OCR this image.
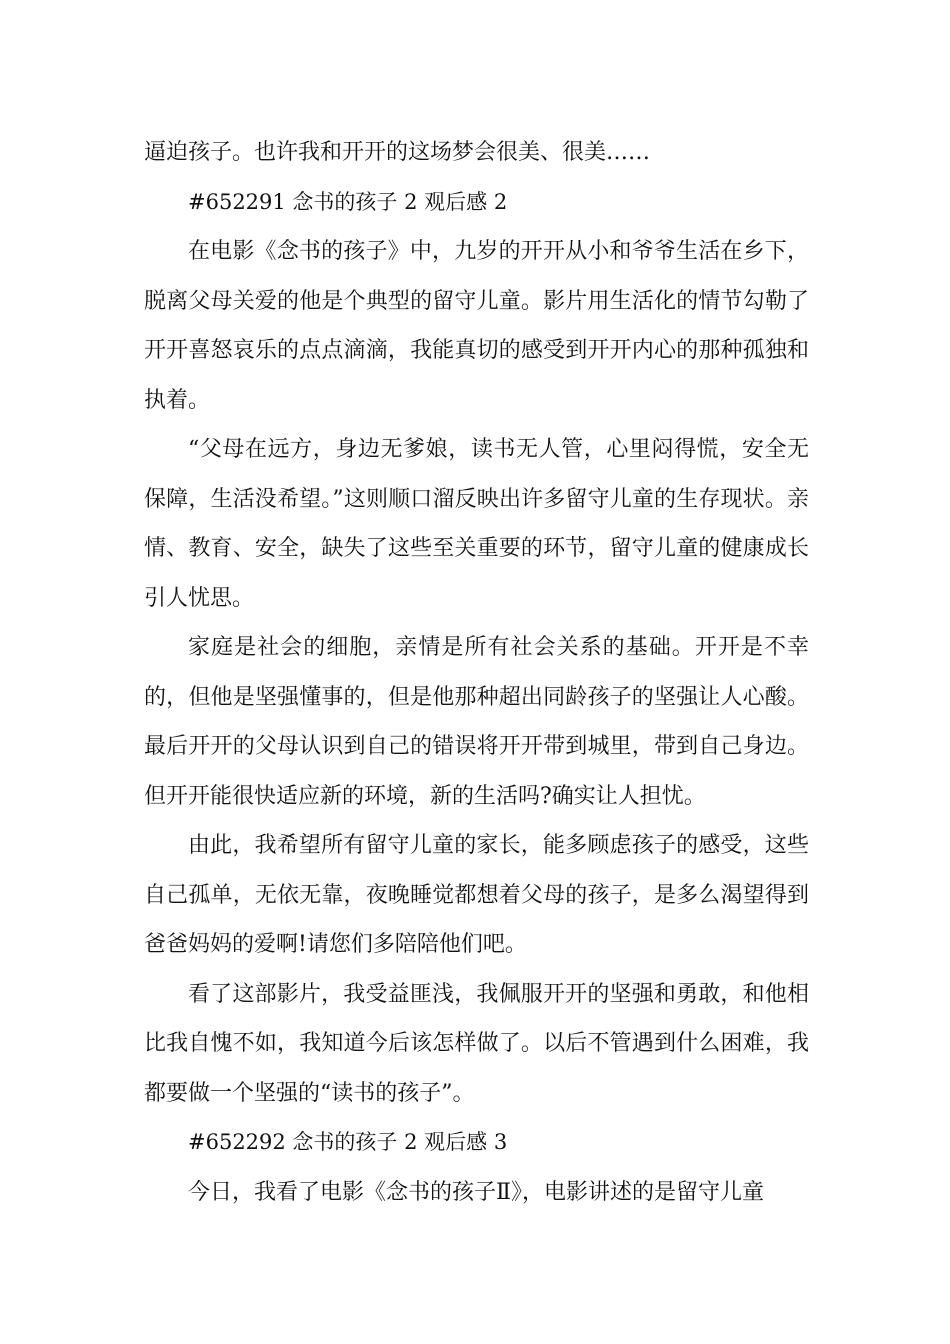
逼迫孩子。也许我和开开的这场梦会很美、很美……

#652291 念书的孩子 2 观后感 2

在电影《念书的孩子》中，九岁的开开从小和爷爷生活在乡下，脱离父母关爱的他是个典型的留守儿童。影片用生活化的情节勾勒了开开喜怒哀乐的点点滴滴，我能真切的感受到开开内心的那种孤独和执着。

“父母在远方，身边无爹娘，读书无人管，心里闷得慌，安全无保障，生活没希望。”这则顺口溜反映出许多留守儿童的生存现状。亲情、教育、安全，缺失了这些至关重要的环节，留守儿童的健康成长引人忧思。

家庭是社会的细胞，亲情是所有社会关系的基础。开开是不幸的，但他是坚强懂事的，但是他那种超出同龄孩子的坚强让人心酸。最后开开的父母认识到自己的错误将开开带到城里，带到自己身边。但开开能很快适应新的环境，新的生活吗?确实让人担忧。

由此，我希望所有留守儿童的家长，能多顾虑孩子的感受，这些自己孤单，无依无靠，夜晚睡觉都想着父母的孩子，是多么渴望得到爸爸妈妈的爱啊!请您们多陪陪他们吧。

看了这部影片，我受益匪浅，我佩服开开的坚强和勇敢，和他相比我自愧不如，我知道今后该怎样做了。以后不管遇到什么困难，我都要做一个坚强的“读书的孩子”。

#652292 念书的孩子 2 观后感 3

今日，我看了电影《念书的孩子Ⅱ》，电影讲述的是留守儿童
